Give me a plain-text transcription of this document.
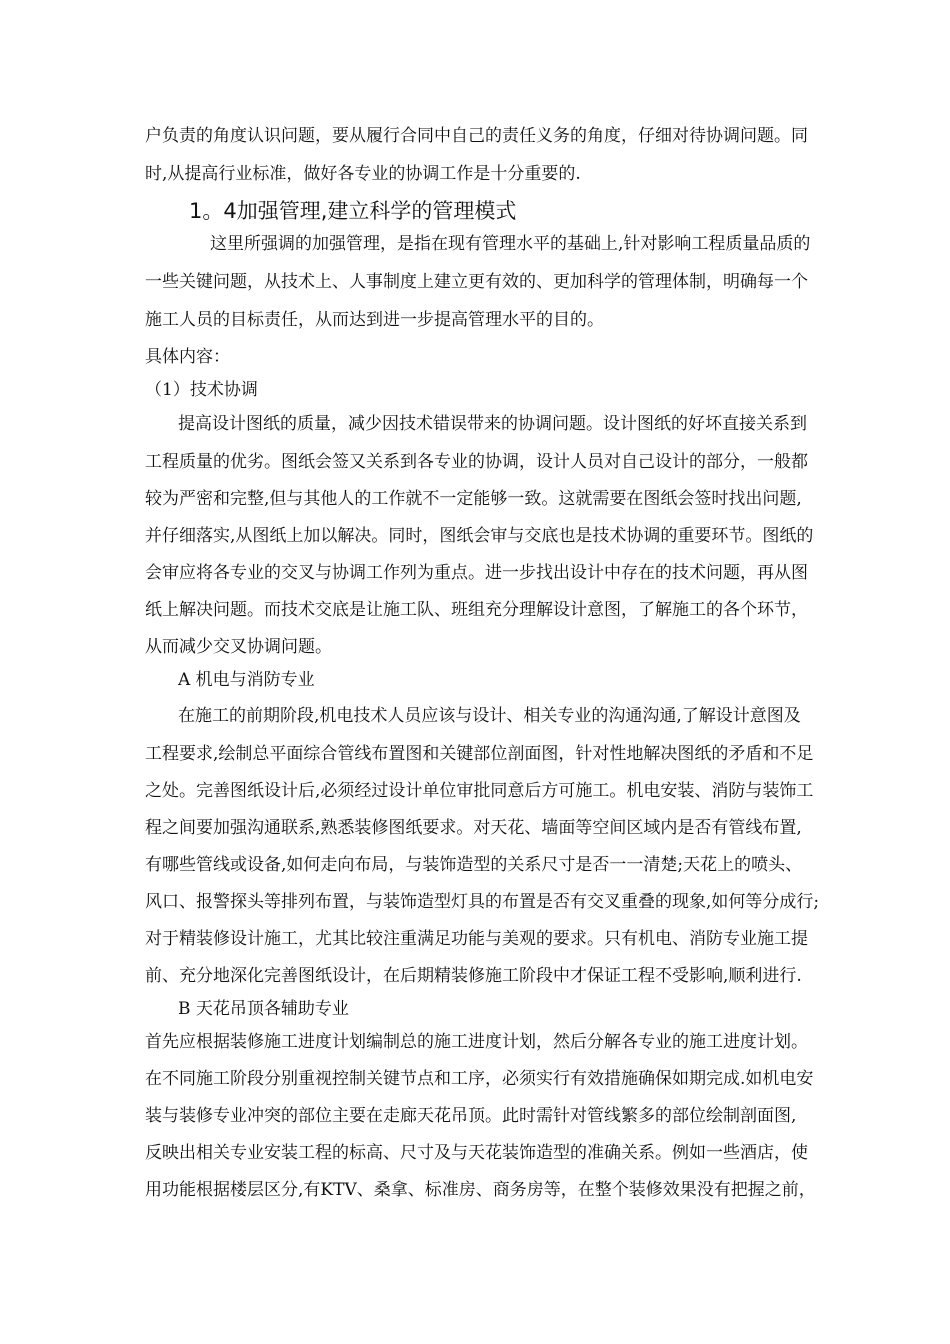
户负责的角度认识问题，要从履行合同中自己的责任义务的角度，仔细对待协调问题。同
时,从提高行业标准，做好各专业的协调工作是十分重要的.
1。4加强管理,建立科学的管理模式
这里所强调的加强管理，是指在现有管理水平的基础上,针对影响工程质量品质的
一些关键问题，从技术上、人事制度上建立更有效的、更加科学的管理体制，明确每一个
施工人员的目标责任，从而达到进一步提高管理水平的目的。
具体内容：
（1）技术协调
提高设计图纸的质量，减少因技术错误带来的协调问题。设计图纸的好坏直接关系到
工程质量的优劣。图纸会签又关系到各专业的协调，设计人员对自己设计的部分，一般都
较为严密和完整,但与其他人的工作就不一定能够一致。这就需要在图纸会签时找出问题,
并仔细落实,从图纸上加以解决。同时，图纸会审与交底也是技术协调的重要环节。图纸的
会审应将各专业的交叉与协调工作列为重点。进一步找出设计中存在的技术问题，再从图
纸上解决问题。而技术交底是让施工队、班组充分理解设计意图，了解施工的各个环节，
从而减少交叉协调问题。
A 机电与消防专业
在施工的前期阶段,机电技术人员应该与设计、相关专业的沟通沟通,了解设计意图及
工程要求,绘制总平面综合管线布置图和关键部位剖面图，针对性地解决图纸的矛盾和不足
之处。完善图纸设计后,必须经过设计单位审批同意后方可施工。机电安装、消防与装饰工
程之间要加强沟通联系,熟悉装修图纸要求。对天花、墙面等空间区域内是否有管线布置,
有哪些管线或设备,如何走向布局，与装饰造型的关系尺寸是否一一清楚;天花上的喷头、
风口、报警探头等排列布置，与装饰造型灯具的布置是否有交叉重叠的现象,如何等分成行;
对于精装修设计施工，尤其比较注重满足功能与美观的要求。只有机电、消防专业施工提
前、充分地深化完善图纸设计，在后期精装修施工阶段中才保证工程不受影响,顺利进行.
B 天花吊顶各辅助专业
首先应根据装修施工进度计划编制总的施工进度计划，然后分解各专业的施工进度计划。
在不同施工阶段分别重视控制关键节点和工序，必须实行有效措施确保如期完成.如机电安
装与装修专业冲突的部位主要在走廊天花吊顶。此时需针对管线繁多的部位绘制剖面图,
反映出相关专业安装工程的标高、尺寸及与天花装饰造型的准确关系。例如一些酒店，使
用功能根据楼层区分,有KTV、桑拿、标准房、商务房等，在整个装修效果没有把握之前，
